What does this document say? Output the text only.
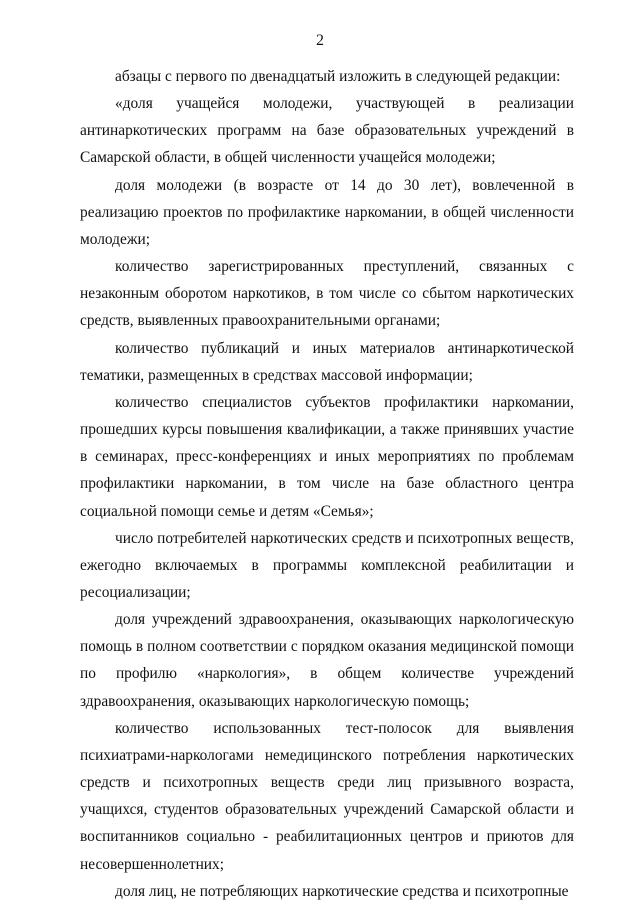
2

абзацы с первого по двенадцатый изложить в следующей редакции:

«доля учащейся молодежи, участвующей в реализации антинаркотических программ на базе образовательных учреждений в Самарской области, в общей численности учащейся молодежи;

доля молодежи (в возрасте от 14 до 30 лет), вовлеченной в реализацию проектов по профилактике наркомании, в общей численности молодежи;

количество зарегистрированных преступлений, связанных с незаконным оборотом наркотиков, в том числе со сбытом наркотических средств, выявленных правоохранительными органами;

количество публикаций и иных материалов антинаркотической тематики, размещенных в средствах массовой информации;

количество специалистов субъектов профилактики наркомании, прошедших курсы повышения квалификации, а также принявших участие в семинарах, пресс-конференциях и иных мероприятиях по проблемам профилактики наркомании, в том числе на базе областного центра социальной помощи семье и детям «Семья»;

число потребителей наркотических средств и психотропных веществ, ежегодно включаемых в программы комплексной реабилитации и ресоциализации;

доля учреждений здравоохранения, оказывающих наркологическую помощь в полном соответствии с порядком оказания медицинской помощи по профилю «наркология», в общем количестве учреждений здравоохранения, оказывающих наркологическую помощь;

количество использованных тест-полосок для выявления психиатрами-наркологами немедицинского потребления наркотических средств и психотропных веществ среди лиц призывного возраста, учащихся, студентов образовательных учреждений Самарской области и воспитанников социально - реабилитационных центров и приютов для несовершеннолетних;

доля лиц, не потребляющих наркотические средства и психотропные
